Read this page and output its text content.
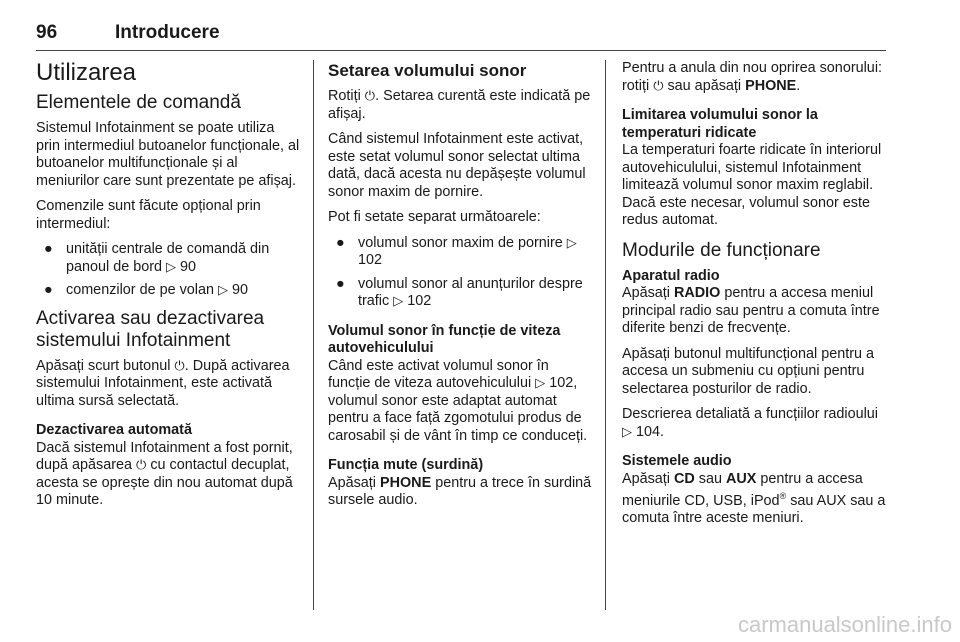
96	Introducere
Utilizarea
Elementele de comandă

Sistemul Infotainment se poate utiliza prin intermediul butoanelor funcționale, al butoanelor multifuncționale și al meniurilor care sunt prezentate pe afișaj.

Comenzile sunt făcute opțional prin intermediul:

● unității centrale de comandă din panoul de bord ▷ 90
● comenzilor de pe volan ▷ 90
Activarea sau dezactivarea sistemului Infotainment

Apăsați scurt butonul ⏻. După activarea sistemului Infotainment, este activată ultima sursă selectată.

Dezactivarea automată

Dacă sistemul Infotainment a fost pornit, după apăsarea ⏻ cu contactul decuplat, acesta se oprește din nou automat după 10 minute.

Setarea volumului sonor

Rotiți ⏻. Setarea curentă este indicată pe afișaj.

Când sistemul Infotainment este activat, este setat volumul sonor selectat ultima dată, dacă acesta nu depășește volumul sonor maxim de pornire.

Pot fi setate separat următoarele:

● volumul sonor maxim de pornire ▷ 102
● volumul sonor al anunțurilor despre trafic ▷ 102
Volumul sonor în funcție de viteza autovehiculului

Când este activat volumul sonor în funcție de viteza autovehiculului ▷ 102, volumul sonor este adaptat automat pentru a face față zgomotului produs de carosabil și de vânt în timp ce conduceți.

Funcția mute (surdină)

Apăsați PHONE pentru a trece în surdină sursele audio.

Pentru a anula din nou oprirea sonorului: rotiți ⏻ sau apăsați PHONE.

Limitarea volumului sonor la temperaturi ridicate

La temperaturi foarte ridicate în interiorul autovehiculului, sistemul Infotainment limitează volumul sonor maxim reglabil. Dacă este necesar, volumul sonor este redus automat.

Modurile de funcționare
Aparatul radio

Apăsați RADIO pentru a accesa meniul principal radio sau pentru a comuta între diferite benzi de frecvențe.

Apăsați butonul multifuncțional pentru a accesa un submeniu cu opțiuni pentru selectarea posturilor de radio.

Descrierea detaliată a funcțiilor radioului ▷ 104.

Sistemele audio

Apăsați CD sau AUX pentru a accesa meniurile CD, USB, iPod® sau AUX sau a comuta între aceste meniuri.

carmanualsonline.info
